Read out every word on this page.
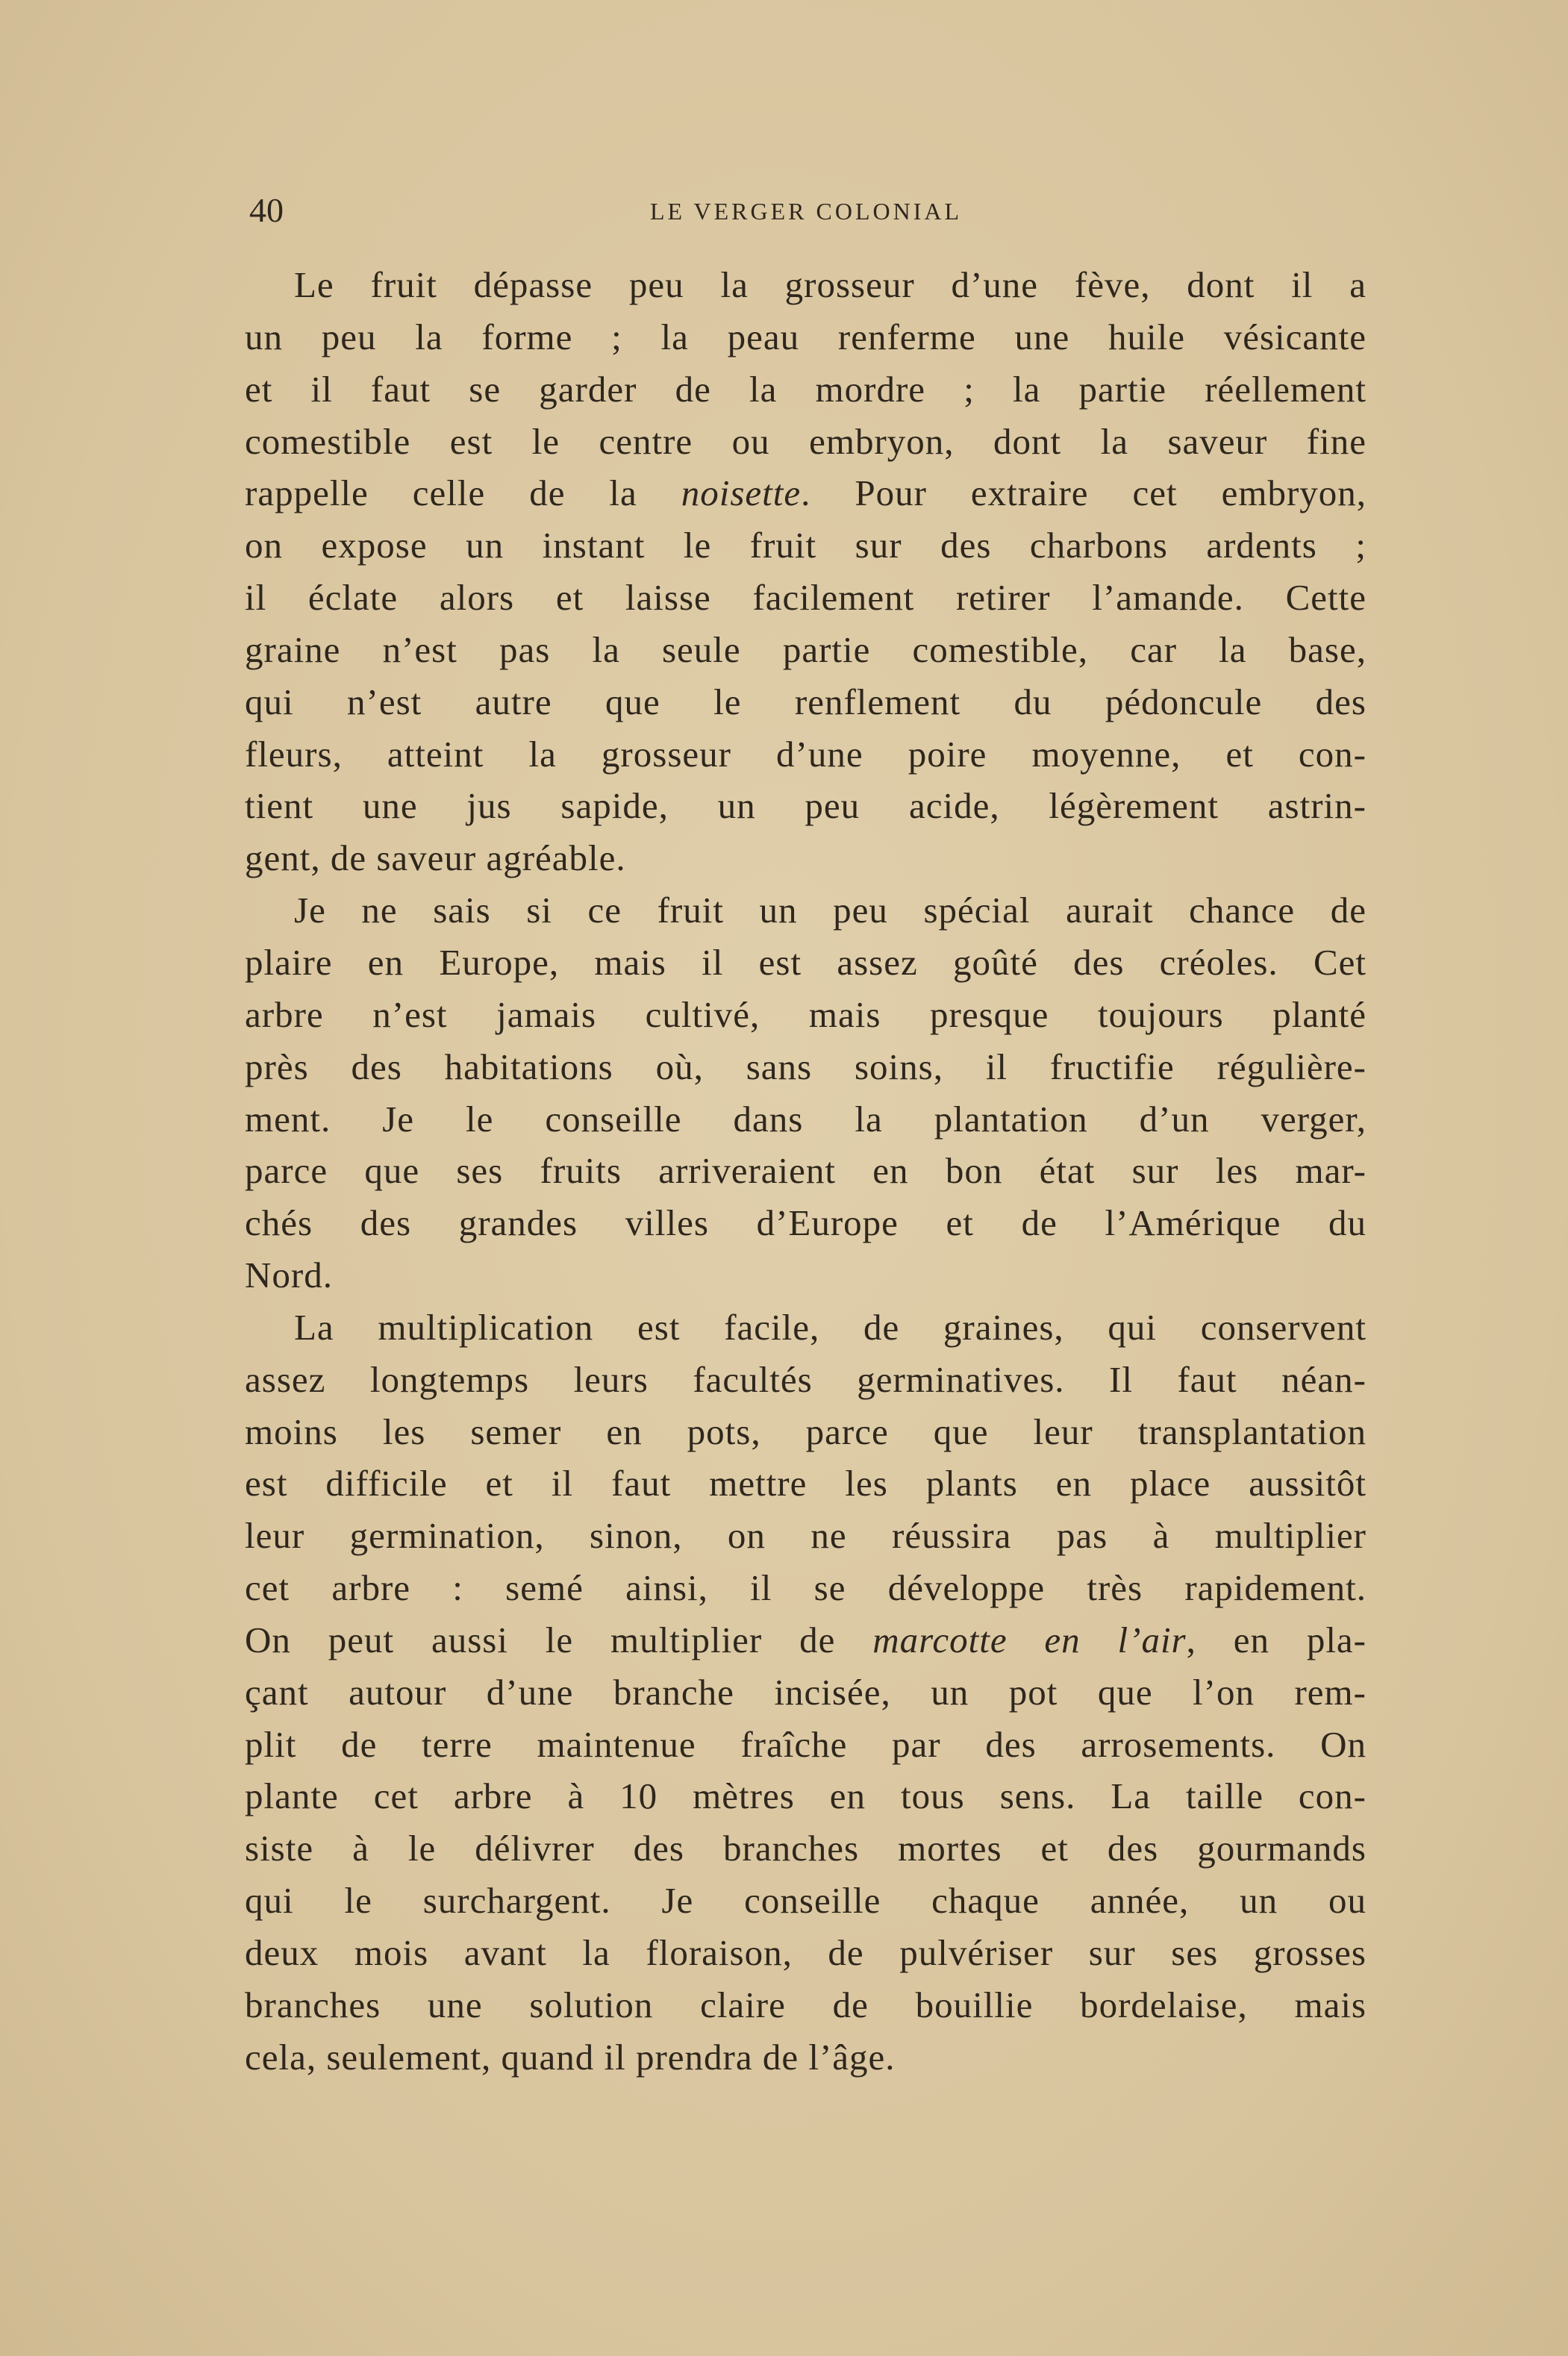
40	LE VERGER COLONIAL
Le fruit dépasse peu la grosseur d’une fève, dont il a
un peu la forme ; la peau renferme une huile vésicante
et il faut se garder de la mordre ; la partie réellement
comestible est le centre ou embryon, dont la saveur fine
rappelle celle de la noisette. Pour extraire cet embryon,
on expose un instant le fruit sur des charbons ardents ;
il éclate alors et laisse facilement retirer l’amande. Cette
graine n’est pas la seule partie comestible, car la base,
qui n’est autre que le renflement du pédoncule des
fleurs, atteint la grosseur d’une poire moyenne, et con-
tient une jus sapide, un peu acide, légèrement astrin-
gent, de saveur agréable.
Je ne sais si ce fruit un peu spécial aurait chance de
plaire en Europe, mais il est assez goûté des créoles. Cet
arbre n’est jamais cultivé, mais presque toujours planté
près des habitations où, sans soins, il fructifie régulière-
ment. Je le conseille dans la plantation d’un verger,
parce que ses fruits arriveraient en bon état sur les mar-
chés des grandes villes d’Europe et de l’Amérique du
Nord.
La multiplication est facile, de graines, qui conservent
assez longtemps leurs facultés germinatives. Il faut néan-
moins les semer en pots, parce que leur transplantation
est difficile et il faut mettre les plants en place aussitôt
leur germination, sinon, on ne réussira pas à multiplier
cet arbre : semé ainsi, il se développe très rapidement.
On peut aussi le multiplier de marcotte en l’air, en pla-
çant autour d’une branche incisée, un pot que l’on rem-
plit de terre maintenue fraîche par des arrosements. On
plante cet arbre à 10 mètres en tous sens. La taille con-
siste à le délivrer des branches mortes et des gourmands
qui le surchargent. Je conseille chaque année, un ou
deux mois avant la floraison, de pulvériser sur ses grosses
branches une solution claire de bouillie bordelaise, mais
cela, seulement, quand il prendra de l’âge.
